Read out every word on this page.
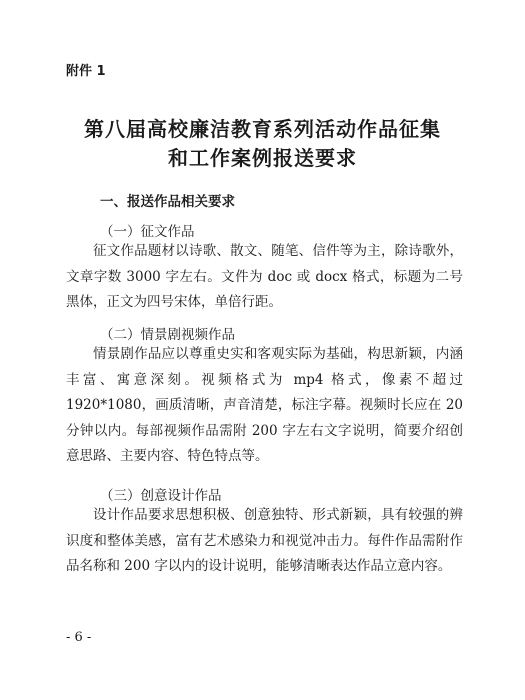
附件 1
第八届高校廉洁教育系列活动作品征集
和工作案例报送要求
一、报送作品相关要求
（一）征文作品

征文作品题材以诗歌、散文、随笔、信件等为主，除诗歌外，文章字数 3000 字左右。文件为 doc 或 docx 格式，标题为二号黑体，正文为四号宋体，单倍行距。

（二）情景剧视频作品

情景剧作品应以尊重史实和客观实际为基础，构思新颖，内涵丰富、寓意深刻。视频格式为 mp4 格式，像素不超过 1920*1080，画质清晰，声音清楚，标注字幕。视频时长应在 20 分钟以内。每部视频作品需附 200 字左右文字说明，简要介绍创意思路、主要内容、特色特点等。

（三）创意设计作品

设计作品要求思想积极、创意独特、形式新颖，具有较强的辨识度和整体美感，富有艺术感染力和视觉冲击力。每件作品需附作品名称和 200 字以内的设计说明，能够清晰表达作品立意内容。

- 6 -
